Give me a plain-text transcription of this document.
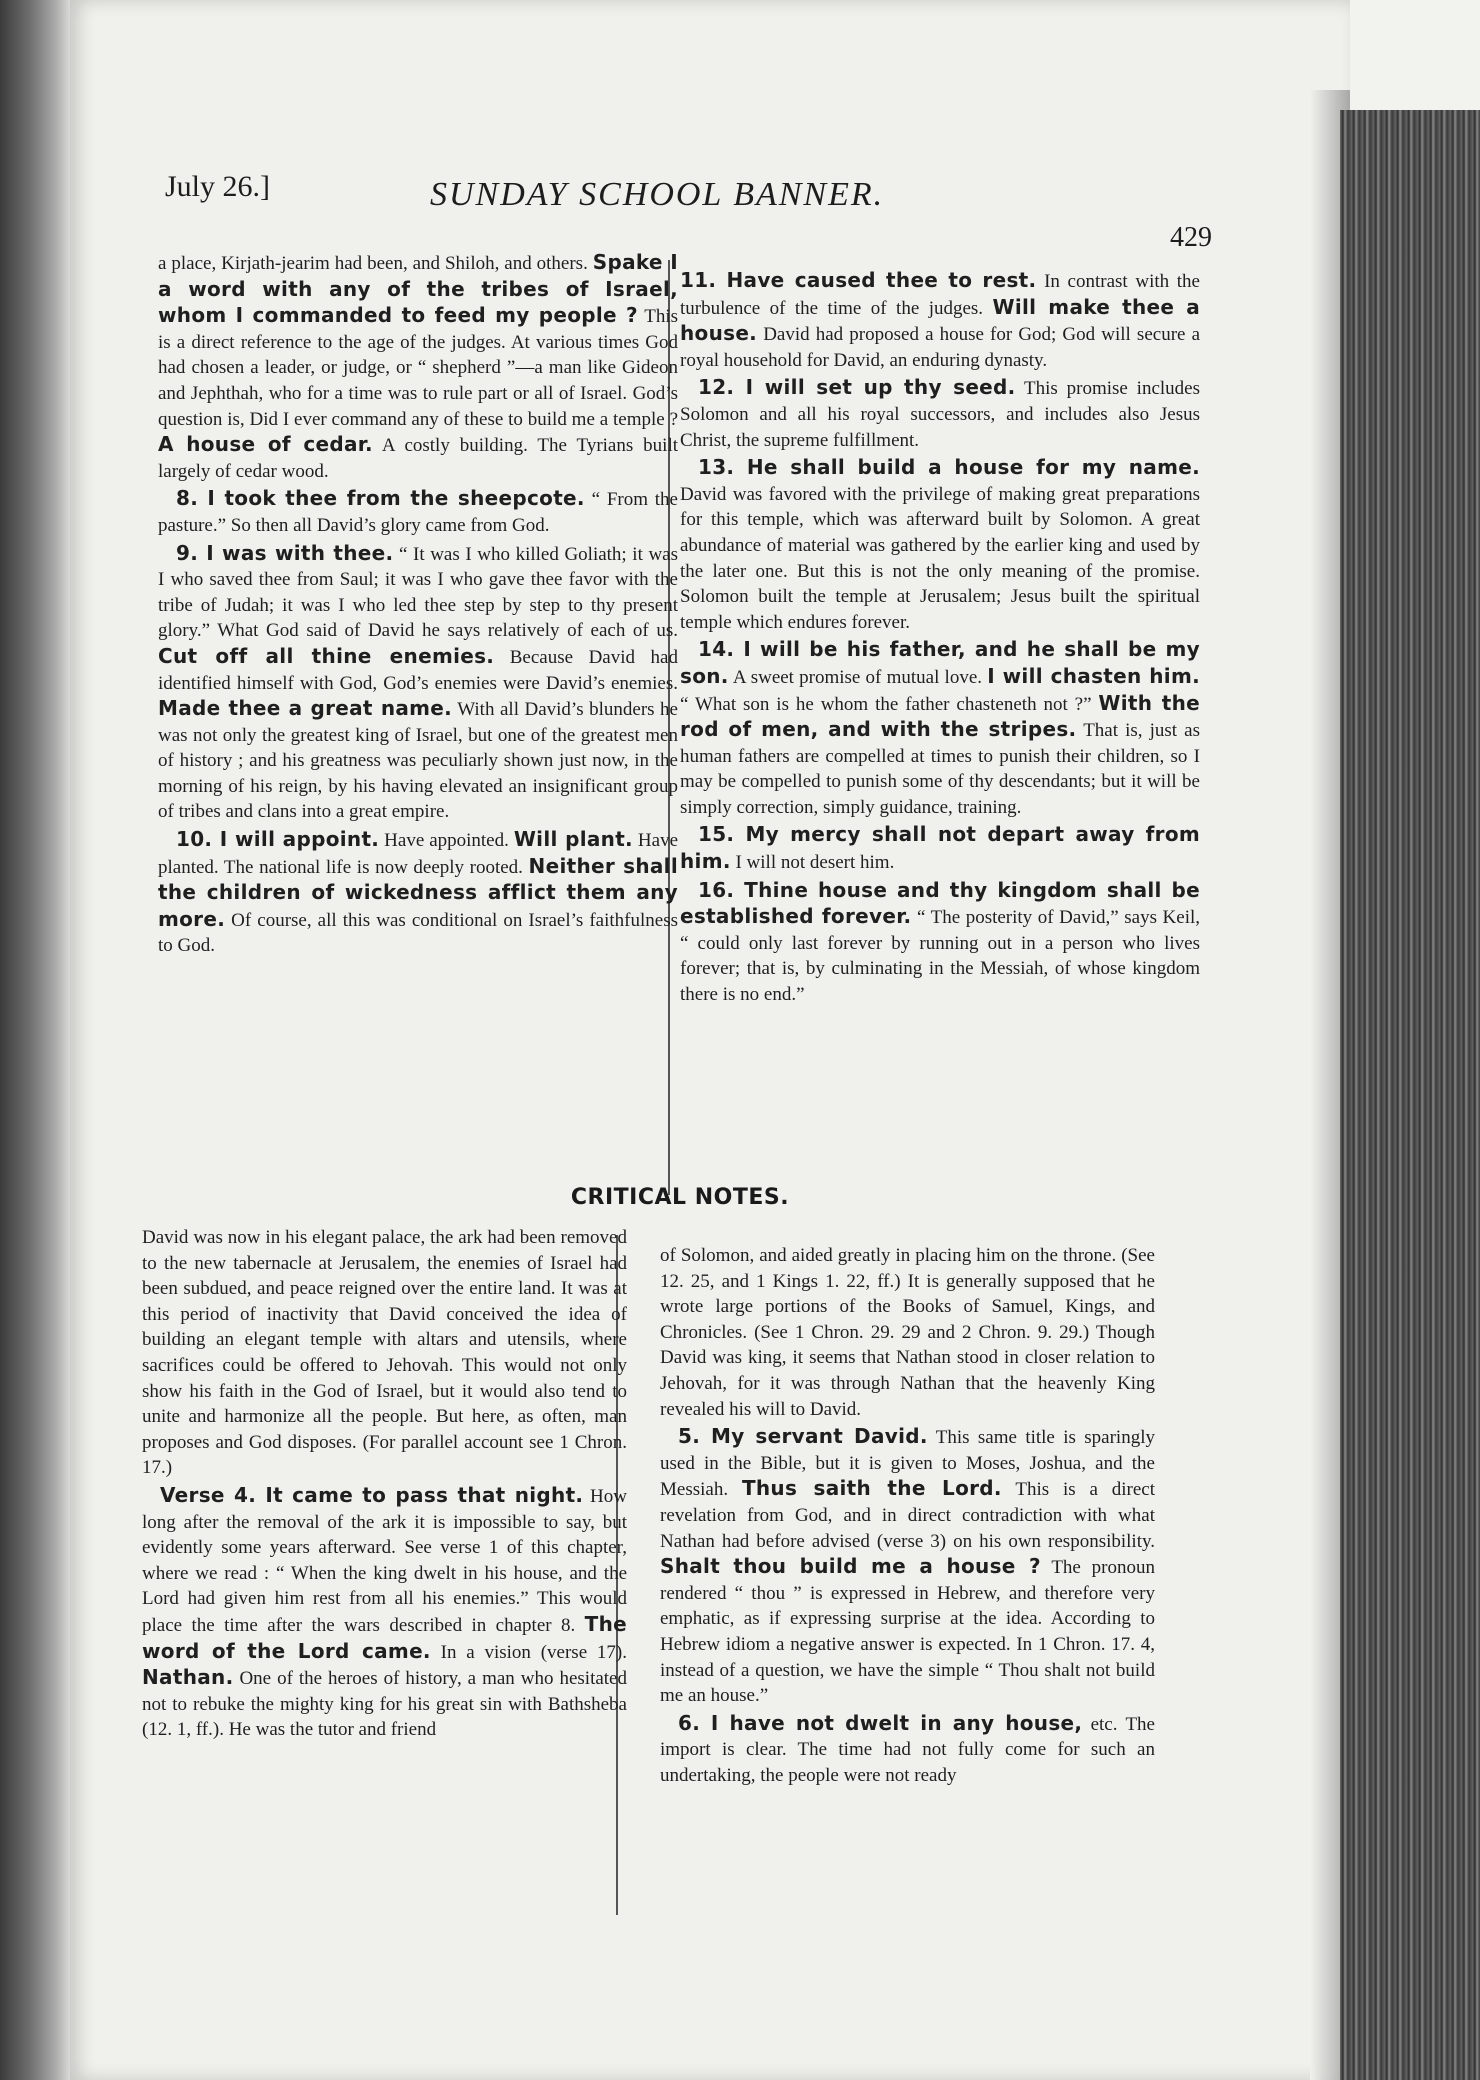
July 26.]	SUNDAY SCHOOL BANNER.
429

a place, Kirjath-jearim had been, and Shiloh, and others. Spake I a word with any of the tribes of Israel, whom I commanded to feed my people ? This is a direct reference to the age of the judges. At various times God had chosen a leader, or judge, or “ shepherd ”—a man like Gideon and Jephthah, who for a time was to rule part or all of Israel. God’s question is, Did I ever command any of these to build me a temple ? A house of cedar. A costly building. The Tyrians built largely of cedar wood.

8. I took thee from the sheepcote. “ From the pasture.” So then all David’s glory came from God.

9. I was with thee. “ It was I who killed Goliath; it was I who saved thee from Saul; it was I who gave thee favor with the tribe of Judah; it was I who led thee step by step to thy present glory.” What God said of David he says relatively of each of us. Cut off all thine enemies. Because David had identified himself with God, God’s enemies were David’s enemies. Made thee a great name. With all David’s blunders he was not only the greatest king of Israel, but one of the greatest men of history ; and his greatness was peculiarly shown just now, in the morning of his reign, by his having elevated an insignificant group of tribes and clans into a great empire.

10. I will appoint. Have appointed. Will plant. Have planted. The national life is now deeply rooted. Neither shall the children of wickedness afflict them any more. Of course, all this was conditional on Israel’s faithfulness to God.

11. Have caused thee to rest. In contrast with the turbulence of the time of the judges. Will make thee a house. David had proposed a house for God; God will secure a royal household for David, an enduring dynasty.

12. I will set up thy seed. This promise includes Solomon and all his royal successors, and includes also Jesus Christ, the supreme fulfillment.

13. He shall build a house for my name. David was favored with the privilege of making great preparations for this temple, which was afterward built by Solomon. A great abundance of material was gathered by the earlier king and used by the later one. But this is not the only meaning of the promise. Solomon built the temple at Jerusalem; Jesus built the spiritual temple which endures forever.

14. I will be his father, and he shall be my son. A sweet promise of mutual love. I will chasten him. “ What son is he whom the father chasteneth not ?” With the rod of men, and with the stripes. That is, just as human fathers are compelled at times to punish their children, so I may be compelled to punish some of thy descendants; but it will be simply correction, simply guidance, training.

15. My mercy shall not depart away from him. I will not desert him.

16. Thine house and thy kingdom shall be established forever. “ The posterity of David,” says Keil, “ could only last forever by running out in a person who lives forever; that is, by culminating in the Messiah, of whose kingdom there is no end.”

CRITICAL NOTES.

David was now in his elegant palace, the ark had been removed to the new tabernacle at Jerusalem, the enemies of Israel had been subdued, and peace reigned over the entire land. It was at this period of inactivity that David conceived the idea of building an elegant temple with altars and utensils, where sacrifices could be offered to Jehovah. This would not only show his faith in the God of Israel, but it would also tend to unite and harmonize all the people. But here, as often, man proposes and God disposes. (For parallel account see 1 Chron. 17.)

Verse 4. It came to pass that night. How long after the removal of the ark it is impossible to say, but evidently some years afterward. See verse 1 of this chapter, where we read : “ When the king dwelt in his house, and the Lord had given him rest from all his enemies.” This would place the time after the wars described in chapter 8. The word of the Lord came. In a vision (verse 17). Nathan. One of the heroes of history, a man who hesitated not to rebuke the mighty king for his great sin with Bathsheba (12. 1, ff.). He was the tutor and friend

of Solomon, and aided greatly in placing him on the throne. (See 12. 25, and 1 Kings 1. 22, ff.) It is generally supposed that he wrote large portions of the Books of Samuel, Kings, and Chronicles. (See 1 Chron. 29. 29 and 2 Chron. 9. 29.) Though David was king, it seems that Nathan stood in closer relation to Jehovah, for it was through Nathan that the heavenly King revealed his will to David.

5. My servant David. This same title is sparingly used in the Bible, but it is given to Moses, Joshua, and the Messiah. Thus saith the Lord. This is a direct revelation from God, and in direct contradiction with what Nathan had before advised (verse 3) on his own responsibility. Shalt thou build me a house ? The pronoun rendered “ thou ” is expressed in Hebrew, and therefore very emphatic, as if expressing surprise at the idea. According to Hebrew idiom a negative answer is expected. In 1 Chron. 17. 4, instead of a question, we have the simple “ Thou shalt not build me an house.”

6. I have not dwelt in any house, etc. The import is clear. The time had not fully come for such an undertaking, the people were not ready
